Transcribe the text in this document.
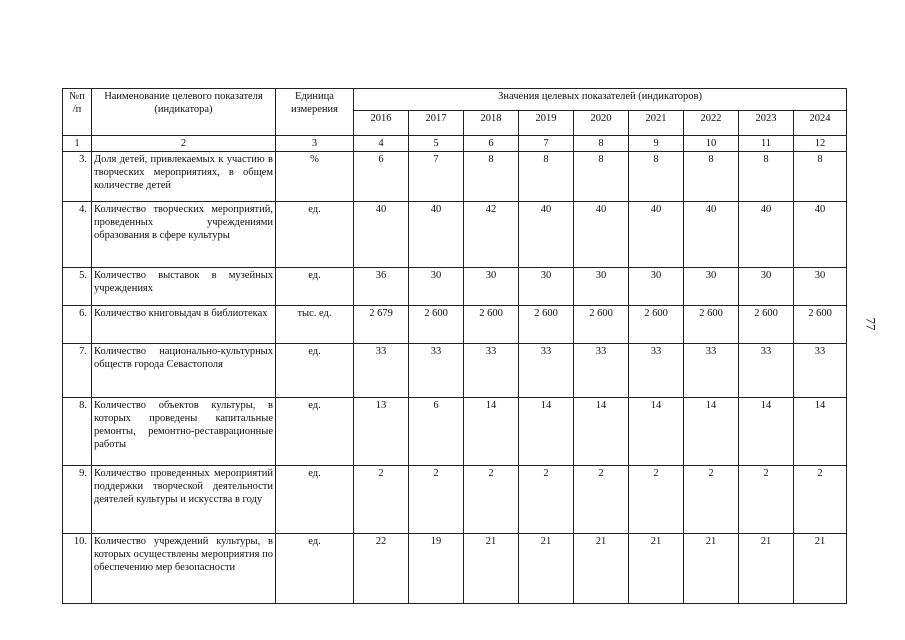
77
№п
/п	Наименование целевого показателя (индикатора)	Единица измерения	Значения целевых показателей (индикаторов)								
			2016	2017	2018	2019	2020	2021	2022	2023	2024
1	2	3	4	5	6	7	8	9	10	11	12
3.	Доля детей, привлекаемых к участию в творческих мероприятиях, в общем количестве детей	%	6	7	8	8	8	8	8	8	8
4.	Количество творческих мероприятий, проведенных учреждениями образования в сфере культуры	ед.	40	40	42	40	40	40	40	40	40
5.	Количество выставок в музейных учреждениях	ед.	36	30	30	30	30	30	30	30	30
6.	Количество книговыдач в библиотеках	тыс. ед.	2 679	2 600	2 600	2 600	2 600	2 600	2 600	2 600	2 600
7.	Количество национально-культурных обществ города Севастополя	ед.	33	33	33	33	33	33	33	33	33
8.	Количество объектов культуры, в которых проведены капитальные ремонты, ремонтно-реставрационные работы	ед.	13	6	14	14	14	14	14	14	14
9.	Количество проведенных мероприятий поддержки творческой деятельности деятелей культуры и искусства в году	ед.	2	2	2	2	2	2	2	2	2
10.	Количество учреждений культуры, в которых осуществлены мероприятия по обеспечению мер безопасности	ед.	22	19	21	21	21	21	21	21	21
